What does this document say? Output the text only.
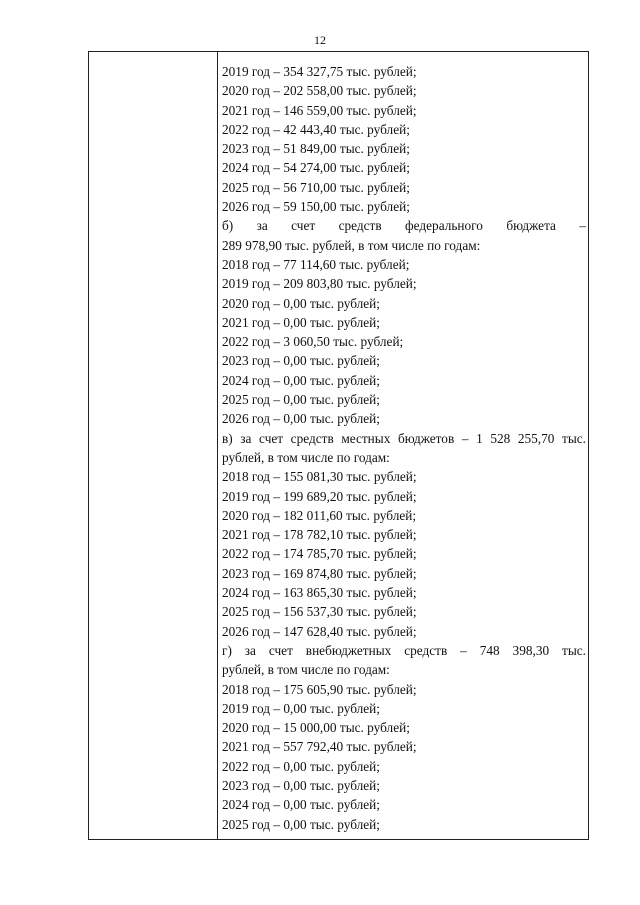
12
2019 год – 354 327,75 тыс. рублей;
2020 год – 202 558,00 тыс. рублей;
2021 год – 146 559,00 тыс. рублей;
2022 год – 42 443,40 тыс. рублей;
2023 год – 51 849,00 тыс. рублей;
2024 год – 54 274,00 тыс. рублей;
2025 год – 56 710,00 тыс. рублей;
2026 год – 59 150,00 тыс. рублей;
б) за счет средств федерального бюджета –
289 978,90 тыс. рублей, в том числе по годам:
2018 год – 77 114,60 тыс. рублей;
2019 год – 209 803,80 тыс. рублей;
2020 год – 0,00 тыс. рублей;
2021 год – 0,00 тыс. рублей;
2022 год – 3 060,50 тыс. рублей;
2023 год – 0,00 тыс. рублей;
2024 год – 0,00 тыс. рублей;
2025 год – 0,00 тыс. рублей;
2026 год – 0,00 тыс. рублей;
в) за счет средств местных бюджетов – 1 528 255,70 тыс.
рублей, в том числе по годам:
2018 год – 155 081,30 тыс. рублей;
2019 год – 199 689,20 тыс. рублей;
2020 год – 182 011,60 тыс. рублей;
2021 год – 178 782,10 тыс. рублей;
2022 год – 174 785,70 тыс. рублей;
2023 год – 169 874,80 тыс. рублей;
2024 год – 163 865,30 тыс. рублей;
2025 год – 156 537,30 тыс. рублей;
2026 год – 147 628,40 тыс. рублей;
г) за счет внебюджетных средств – 748 398,30 тыс.
рублей, в том числе по годам:
2018 год – 175 605,90 тыс. рублей;
2019 год – 0,00 тыс. рублей;
2020 год – 15 000,00 тыс. рублей;
2021 год – 557 792,40 тыс. рублей;
2022 год – 0,00 тыс. рублей;
2023 год – 0,00 тыс. рублей;
2024 год – 0,00 тыс. рублей;
2025 год – 0,00 тыс. рублей;
